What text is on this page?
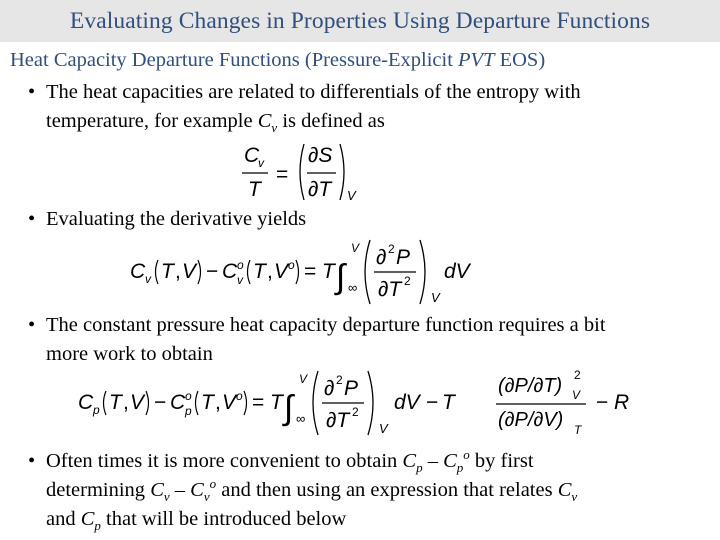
Evaluating Changes in Properties Using Departure Functions
Heat Capacity Departure Functions (Pressure-Explicit PVT EOS)
• The heat capacities are related to differentials of the entropy with
temperature, for example $C_v$ is defined as
C
v
T
=
∂S
∂T V
• Evaluating the derivative yields
C v T , V − C o
v T , V o = T ∫
V
∞
∂ 2 P
∂T 2
V
dV
• The constant pressure heat capacity departure function requires a bit
more work to obtain
C p T , V − C o
p T , V o = T ∫
V
∞
∂ 2 P
∂T 2
V
dV − T
(∂P/∂T) V
2
(∂P/∂V) T
− R
• Often times it is more convenient to obtain $C_p - C_p^o$ by first
determining $C_v - C_v^o$ and then using an expression that relates $C_v$
and $C_p$ that will be introduced below
